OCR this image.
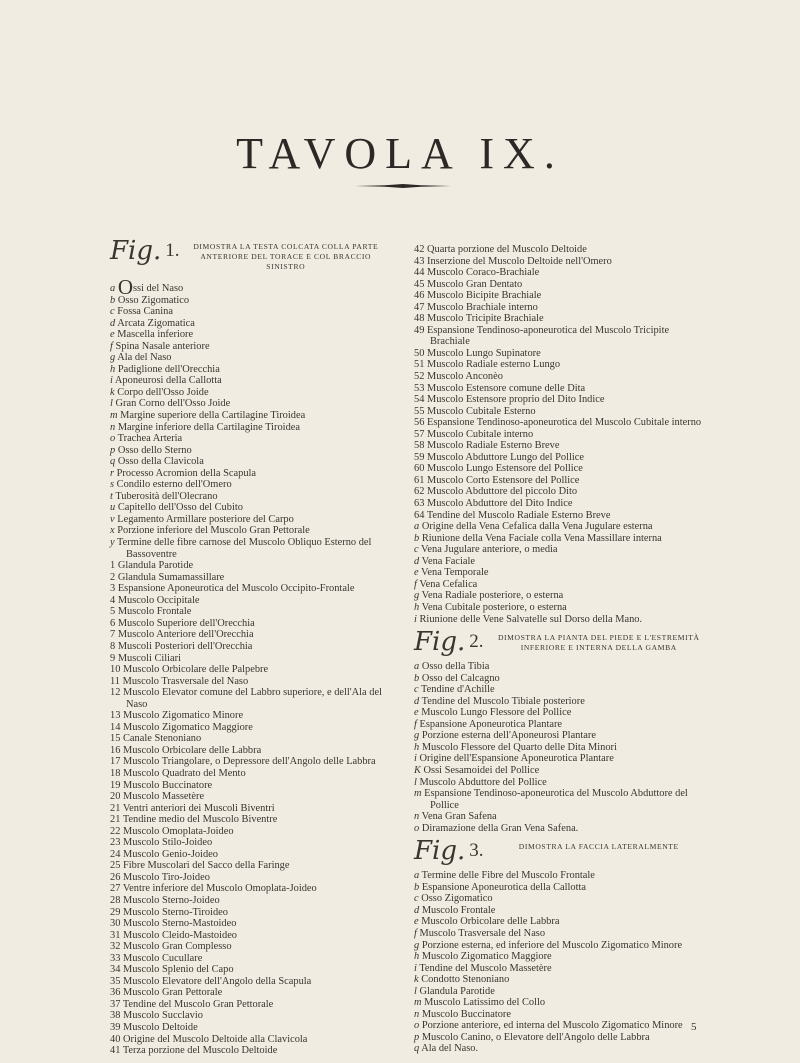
TAVOLA IX.
Fig. 1.	DIMOSTRA LA TESTA COLCATA COLLA PARTE ANTERIORE DEL TORACE E COL BRACCIO SINISTRO
a Ossi del Naso
b Osso Zigomatico
c Fossa Canina
d Arcata Zigomatica
e Mascella inferiore
f Spina Nasale anteriore
g Ala del Naso
h Padiglione dell'Orecchia
i Aponeurosi della Callotta
k Corpo dell'Osso Joide
l Gran Corno dell'Osso Joide
m Margine superiore della Cartilagine Tiroidea
n Margine inferiore della Cartilagine Tiroidea
o Trachea Arteria
p Osso dello Sterno
q Osso della Clavicola
r Processo Acromion della Scapula
s Condilo esterno dell'Omero
t Tuberosità dell'Olecrano
u Capitello dell'Osso del Cubito
v Legamento Armillare posteriore del Carpo
x Porzione inferiore del Muscolo Gran Pettorale
y Termine delle fibre carnose del Muscolo Obliquo Esterno del Bassoventre
1 Glandula Parotide
2 Glandula Sumamassillare
3 Espansione Aponeurotica del Muscolo Occipito-Frontale
4 Muscolo Occipitale
5 Muscolo Frontale
6 Muscolo Superiore dell'Orecchia
7 Muscolo Anteriore dell'Orecchia
8 Muscoli Posteriori dell'Orecchia
9 Muscoli Ciliari
10 Muscolo Orbicolare delle Palpebre
11 Muscolo Trasversale del Naso
12 Muscolo Elevator comune del Labbro superiore, e dell'Ala del Naso
13 Muscolo Zigomatico Minore
14 Muscolo Zigomatico Maggiore
15 Canale Stenoniano
16 Muscolo Orbicolare delle Labbra
17 Muscolo Triangolare, o Depressore dell'Angolo delle Labbra
18 Muscolo Quadrato del Mento
19 Muscolo Buccinatore
20 Muscolo Massetère
21 Ventri anteriori dei Muscoli Biventri
21 Tendine medio del Muscolo Biventre
22 Muscolo Omoplata-Joideo
23 Muscolo Stilo-Joideo
24 Muscolo Genio-Joideo
25 Fibre Muscolari del Sacco della Faringe
26 Muscolo Tiro-Joideo
27 Ventre inferiore del Muscolo Omoplata-Joideo
28 Muscolo Sterno-Joideo
29 Muscolo Sterno-Tiroideo
30 Muscolo Sterno-Mastoideo
31 Muscolo Cleido-Mastoideo
32 Muscolo Gran Complesso
33 Muscolo Cucullare
34 Muscolo Splenio del Capo
35 Muscolo Elevatore dell'Angolo della Scapula
36 Muscolo Gran Pettorale
37 Tendine del Muscolo Gran Pettorale
38 Muscolo Succlavio
39 Muscolo Deltoide
40 Origine del Muscolo Deltoide alla Clavicola
41 Terza porzione del Muscolo Deltoide
42 Quarta porzione del Muscolo Deltoide
43 Inserzione del Muscolo Deltoide nell'Omero
44 Muscolo Coraco-Brachiale
45 Muscolo Gran Dentato
46 Muscolo Bicipite Brachiale
47 Muscolo Brachiale interno
48 Muscolo Tricipite Brachiale
49 Espansione Tendinoso-aponeurotica del Muscolo Tricipite Brachiale
50 Muscolo Lungo Supinatore
51 Muscolo Radiale esterno Lungo
52 Muscolo Anconèo
53 Muscolo Estensore comune delle Dita
54 Muscolo Estensore proprio del Dito Indice
55 Muscolo Cubitale Esterno
56 Espansione Tendinoso-aponeurotica del Muscolo Cubitale interno
57 Muscolo Cubitale interno
58 Muscolo Radiale Esterno Breve
59 Muscolo Abduttore Lungo del Pollice
60 Muscolo Lungo Estensore del Pollice
61 Muscolo Corto Estensore del Pollice
62 Muscolo Abduttore del piccolo Dito
63 Muscolo Abduttore del Dito Indice
64 Tendine del Muscolo Radiale Esterno Breve
a Origine della Vena Cefalica dalla Vena Jugulare esterna
b Riunione della Vena Faciale colla Vena Massillare interna
c Vena Jugulare anteriore, o media
d Vena Faciale
e Vena Temporale
f Vena Cefalica
g Vena Radiale posteriore, o esterna
h Vena Cubitale posteriore, o esterna
i Riunione delle Vene Salvatelle sul Dorso della Mano.
Fig. 2.	DIMOSTRA LA PIANTA DEL PIEDE E L'ESTREMITÀ INFERIORE E INTERNA DELLA GAMBA
a Osso della Tibia
b Osso del Calcagno
c Tendine d'Achille
d Tendine del Muscolo Tibiale posteriore
e Muscolo Lungo Flessore del Pollice
f Espansione Aponeurotica Plantare
g Porzione esterna dell'Aponeurosi Plantare
h Muscolo Flessore del Quarto delle Dita Minori
i Origine dell'Espansione Aponeurotica Plantare
K Ossi Sesamoidei del Pollice
l Muscolo Abduttore del Pollice
m Espansione Tendinoso-aponeurotica del Muscolo Abduttore del Pollice
n Vena Gran Safena
o Diramazione della Gran Vena Safena.
Fig. 3.	DIMOSTRA LA FACCIA LATERALMENTE
a Termine delle Fibre del Muscolo Frontale
b Espansione Aponeurotica della Callotta
c Osso Zigomatico
d Muscolo Frontale
e Muscolo Orbicolare delle Labbra
f Muscolo Trasversale del Naso
g Porzione esterna, ed inferiore del Muscolo Zigomatico Minore
h Muscolo Zigomatico Maggiore
i Tendine del Muscolo Massetère
k Condotto Stenoniano
l Glandula Parotide
m Muscolo Latissimo del Collo
n Muscolo Buccinatore
o Porzione anteriore, ed interna del Muscolo Zigomatico Minore
p Muscolo Canino, o Elevatore dell'Angolo delle Labbra
q Ala del Naso.
5
